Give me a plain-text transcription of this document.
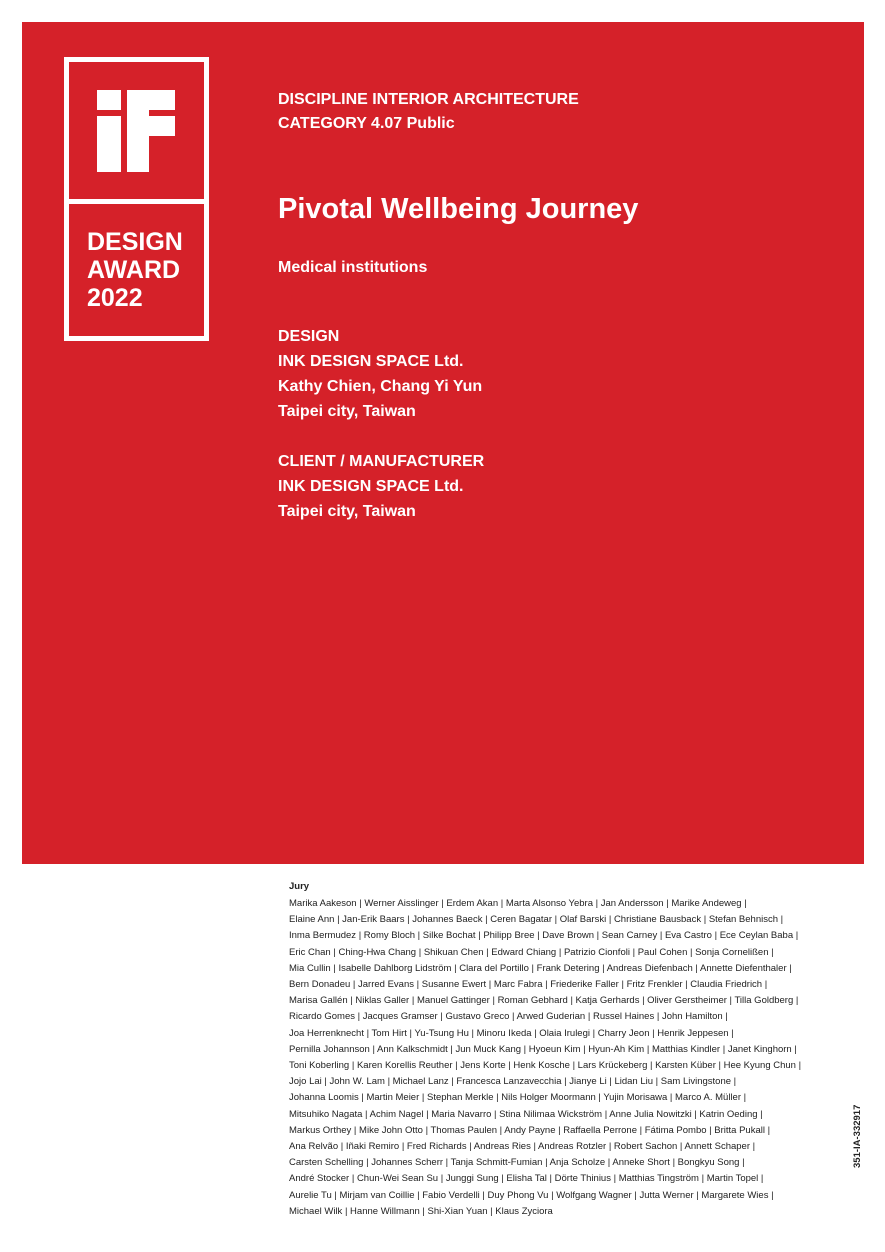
DESIGN
AWARD
2022
DISCIPLINE INTERIOR ARCHITECTURE
CATEGORY 4.07 Public
Pivotal Wellbeing Journey
Medical institutions
DESIGN
INK DESIGN SPACE Ltd.
Kathy Chien, Chang Yi Yun
Taipei city, Taiwan
CLIENT / MANUFACTURER
INK DESIGN SPACE Ltd.
Taipei city, Taiwan
Jury
Marika Aakeson | Werner Aisslinger | Erdem Akan | Marta Alsonso Yebra | Jan Andersson | Marike Andeweg |
Elaine Ann | Jan-Erik Baars | Johannes Baeck | Ceren Bagatar | Olaf Barski | Christiane Bausback | Stefan Behnisch |
Inma Bermudez | Romy Bloch | Silke Bochat | Philipp Bree | Dave Brown | Sean Carney | Eva Castro | Ece Ceylan Baba |
Eric Chan | Ching-Hwa Chang | Shikuan Chen | Edward Chiang | Patrizio Cionfoli | Paul Cohen | Sonja Cornelißen |
Mia Cullin | Isabelle Dahlborg Lidström | Clara del Portillo | Frank Detering | Andreas Diefenbach | Annette Diefenthaler |
Bern Donadeu | Jarred Evans | Susanne Ewert | Marc Fabra | Friederike Faller | Fritz Frenkler | Claudia Friedrich |
Marisa Gallén | Niklas Galler | Manuel Gattinger | Roman Gebhard | Katja Gerhards | Oliver Gerstheimer | Tilla Goldberg |
Ricardo Gomes | Jacques Gramser | Gustavo Greco | Arwed Guderian | Russel Haines | John Hamilton |
Joa Herrenknecht | Tom Hirt | Yu-Tsung Hu | Minoru Ikeda | Olaia Irulegi | Charry Jeon | Henrik Jeppesen |
Pernilla Johannson | Ann Kalkschmidt | Jun Muck Kang | Hyoeun Kim | Hyun-Ah Kim | Matthias Kindler | Janet Kinghorn |
Toni Koberling | Karen Korellis Reuther | Jens Korte | Henk Kosche | Lars Krückeberg | Karsten Küber | Hee Kyung Chun |
Jojo Lai | John W. Lam | Michael Lanz | Francesca Lanzavecchia | Jianye Li | Lidan Liu | Sam Livingstone |
Johanna Loomis | Martin Meier | Stephan Merkle | Nils Holger Moormann | Yujin Morisawa | Marco A. Müller |
Mitsuhiko Nagata | Achim Nagel | Maria Navarro | Stina Nilimaa Wickström | Anne Julia Nowitzki | Katrin Oeding |
Markus Orthey | Mike John Otto | Thomas Paulen | Andy Payne | Raffaella Perrone | Fátima Pombo | Britta Pukall |
Ana Relvão | Iñaki Remiro | Fred Richards | Andreas Ries | Andreas Rotzler | Robert Sachon | Annett Schaper |
Carsten Schelling | Johannes Scherr | Tanja Schmitt-Fumian | Anja Scholze | Anneke Short | Bongkyu Song |
André Stocker | Chun-Wei Sean Su | Junggi Sung | Elisha Tal | Dörte Thinius | Matthias Tingström | Martin Topel |
Aurelie Tu | Mirjam van Coillie | Fabio Verdelli | Duy Phong Vu | Wolfgang Wagner | Jutta Werner | Margarete Wies |
Michael Wilk | Hanne Willmann | Shi-Xian Yuan | Klaus Zyciora
351-IA-332917
